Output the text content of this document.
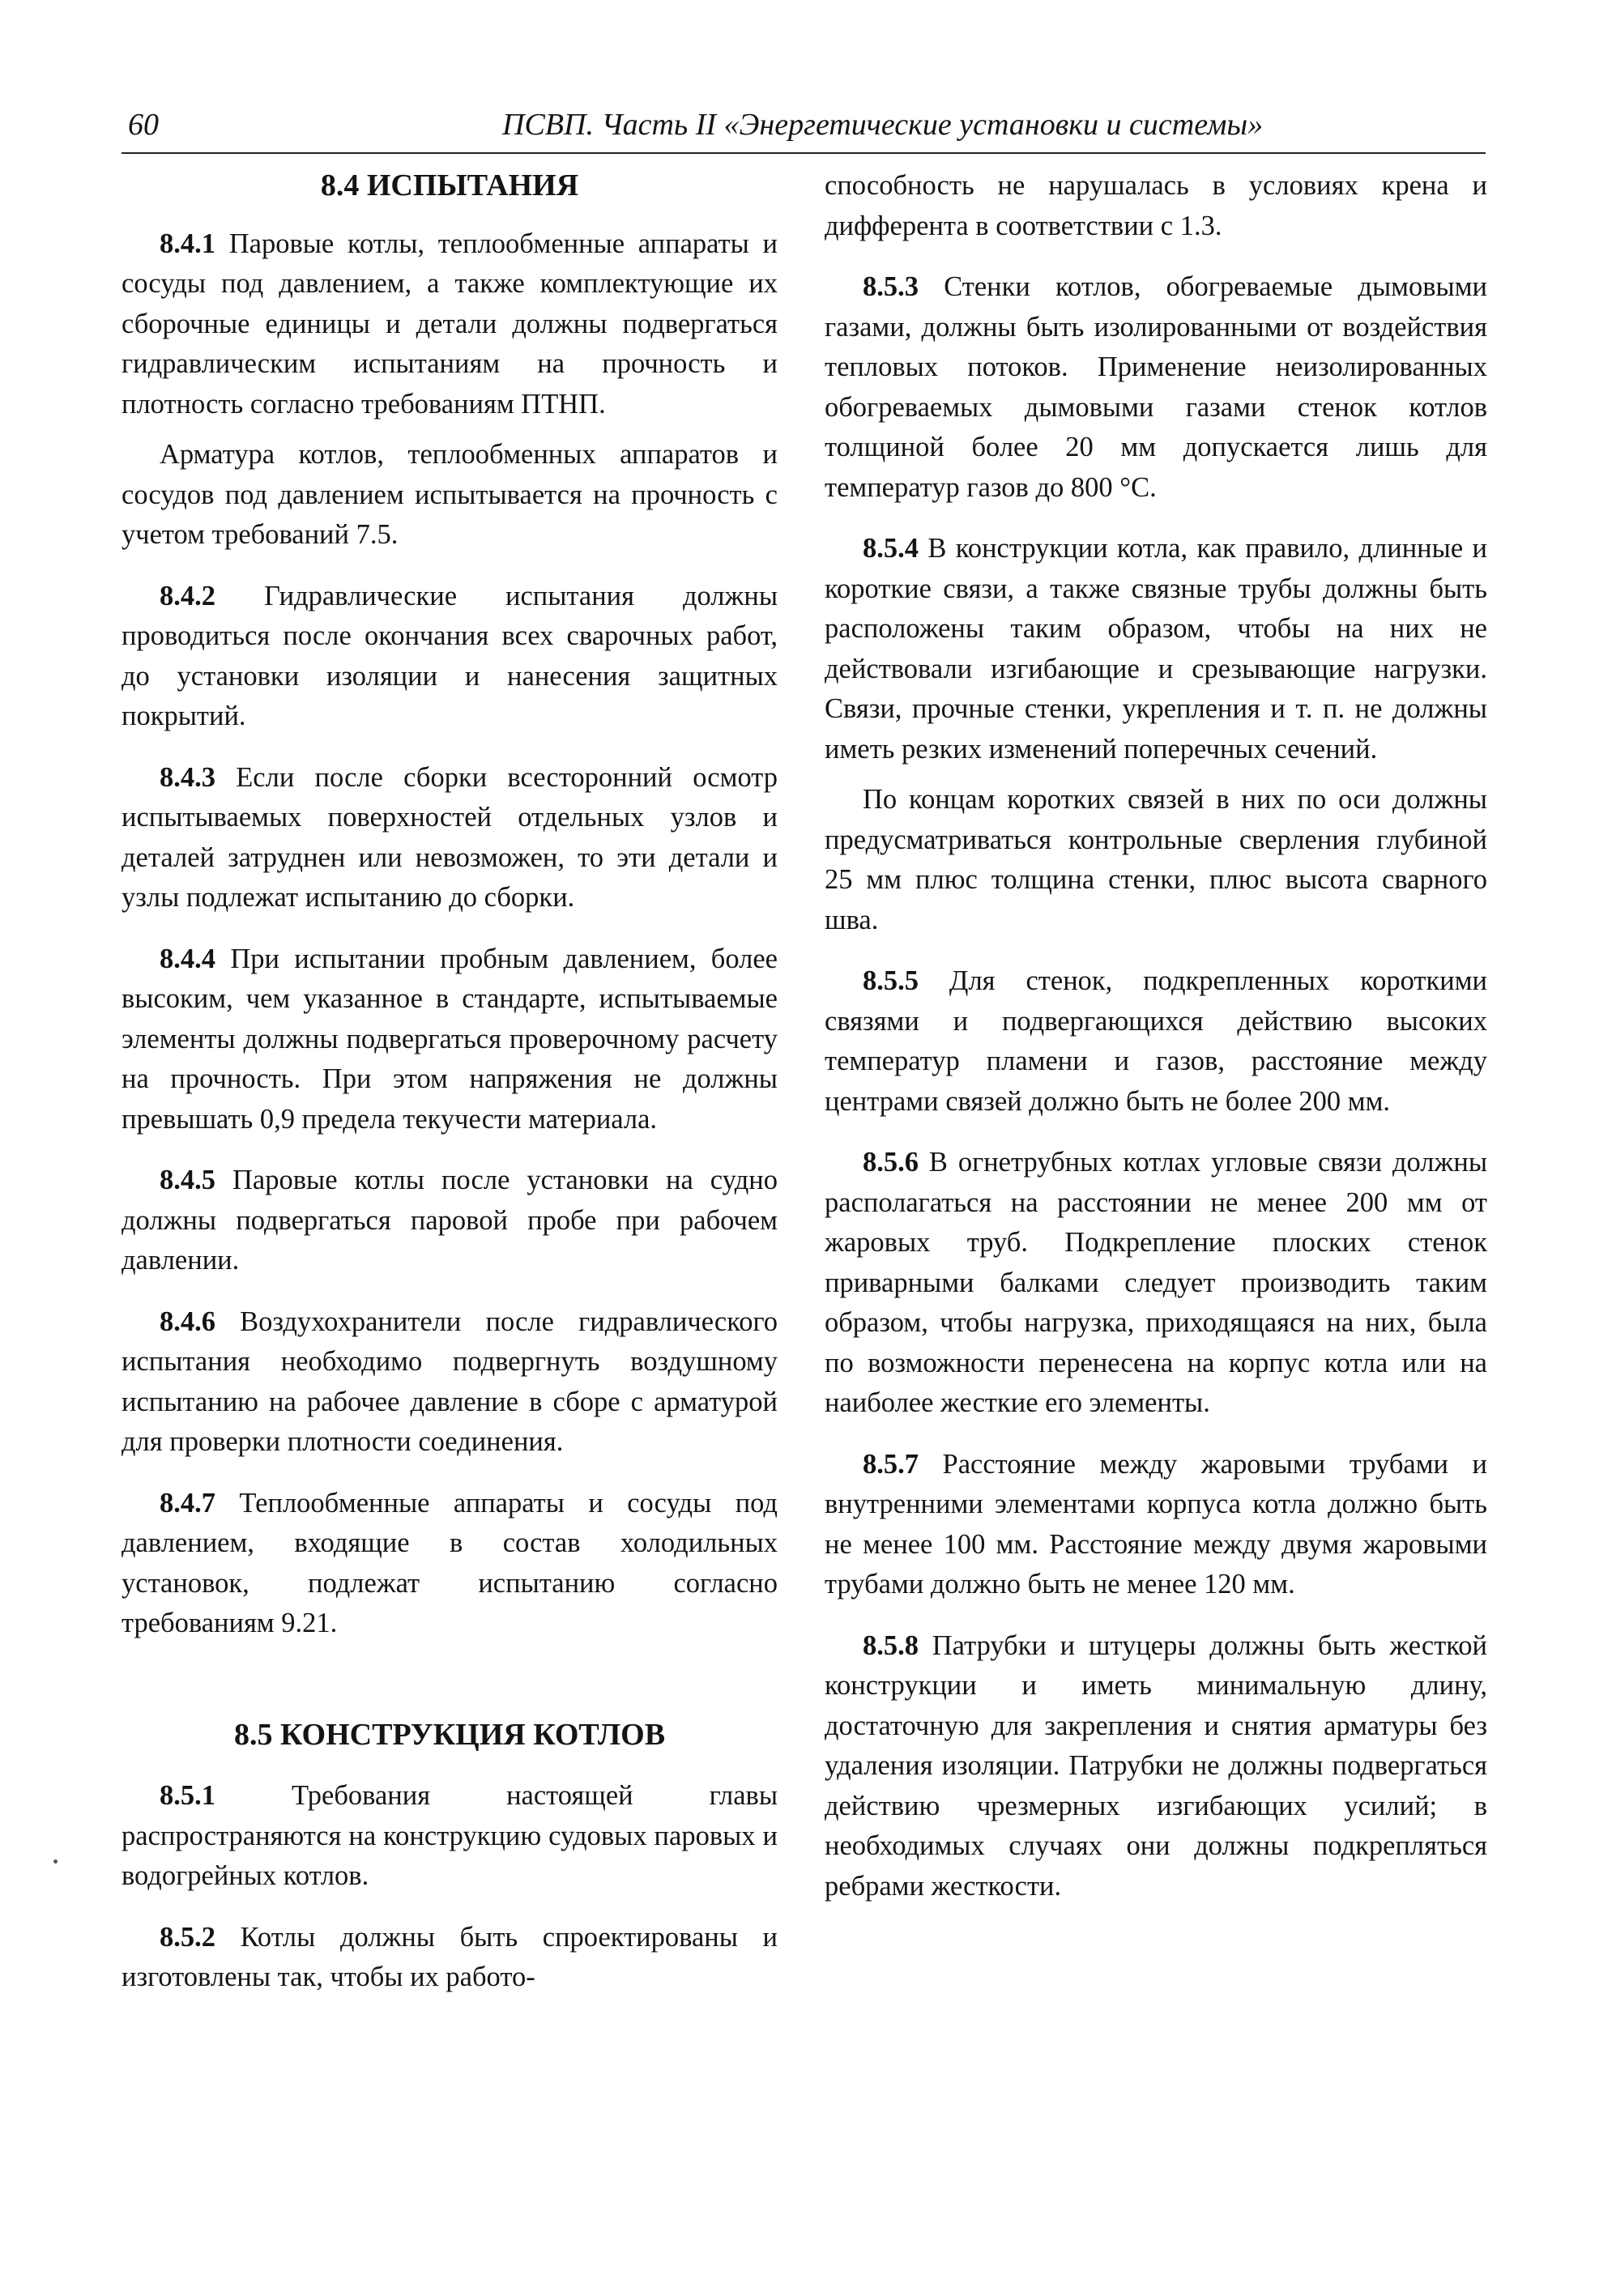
60	ПСВП. Часть II «Энергетические установки и системы»

8.4 ИСПЫТАНИЯ

8.4.1 Паровые котлы, теплообменные аппараты и сосуды под давлением, а также комплектующие их сборочные единицы и детали должны подвергаться гидравлическим испытаниям на прочность и плотность согласно требованиям ПТНП.

Арматура котлов, теплообменных аппаратов и сосудов под давлением испытывается на прочность с учетом требований 7.5.

8.4.2 Гидравлические испытания должны проводиться после окончания всех сварочных работ, до установки изоляции и нанесения защитных покрытий.

8.4.3 Если после сборки всесторонний осмотр испытываемых поверхностей отдельных узлов и деталей затруднен или невозможен, то эти детали и узлы подлежат испытанию до сборки.

8.4.4 При испытании пробным давлением, более высоким, чем указанное в стандарте, испытываемые элементы должны подвергаться проверочному расчету на прочность. При этом напряжения не должны превышать 0,9 предела текучести материала.

8.4.5 Паровые котлы после установки на судно должны подвергаться паровой пробе при рабочем давлении.

8.4.6 Воздухохранители после гидравлического испытания необходимо подвергнуть воздушному испытанию на рабочее давление в сборе с арматурой для проверки плотности соединения.

8.4.7 Теплообменные аппараты и сосуды под давлением, входящие в состав холодильных установок, подлежат испытанию согласно требованиям 9.21.

8.5 КОНСТРУКЦИЯ КОТЛОВ

8.5.1 Требования настоящей главы распространяются на конструкцию судовых паровых и водогрейных котлов.

8.5.2 Котлы должны быть спроектированы и изготовлены так, чтобы их работо-

способность не нарушалась в условиях крена и дифферента в соответствии с 1.3.

8.5.3 Стенки котлов, обогреваемые дымовыми газами, должны быть изолированными от воздействия тепловых потоков. Применение неизолированных обогреваемых дымовыми газами стенок котлов толщиной более 20 мм допускается лишь для температур газов до 800 °С.

8.5.4 В конструкции котла, как правило, длинные и короткие связи, а также связные трубы должны быть расположены таким образом, чтобы на них не действовали изгибающие и срезывающие нагрузки. Связи, прочные стенки, укрепления и т. п. не должны иметь резких изменений поперечных сечений.

По концам коротких связей в них по оси должны предусматриваться контрольные сверления глубиной 25 мм плюс толщина стенки, плюс высота сварного шва.

8.5.5 Для стенок, подкрепленных короткими связями и подвергающихся действию высоких температур пламени и газов, расстояние между центрами связей должно быть не более 200 мм.

8.5.6 В огнетрубных котлах угловые связи должны располагаться на расстоянии не менее 200 мм от жаровых труб. Подкрепление плоских стенок приварными балками следует производить таким образом, чтобы нагрузка, приходящаяся на них, была по возможности перенесена на корпус котла или на наиболее жесткие его элементы.

8.5.7 Расстояние между жаровыми трубами и внутренними элементами корпуса котла должно быть не менее 100 мм. Расстояние между двумя жаровыми трубами должно быть не менее 120 мм.

8.5.8 Патрубки и штуцеры должны быть жесткой конструкции и иметь минимальную длину, достаточную для закрепления и снятия арматуры без удаления изоляции. Патрубки не должны подвергаться действию чрезмерных изгибающих усилий; в необходимых случаях они должны подкрепляться ребрами жесткости.
